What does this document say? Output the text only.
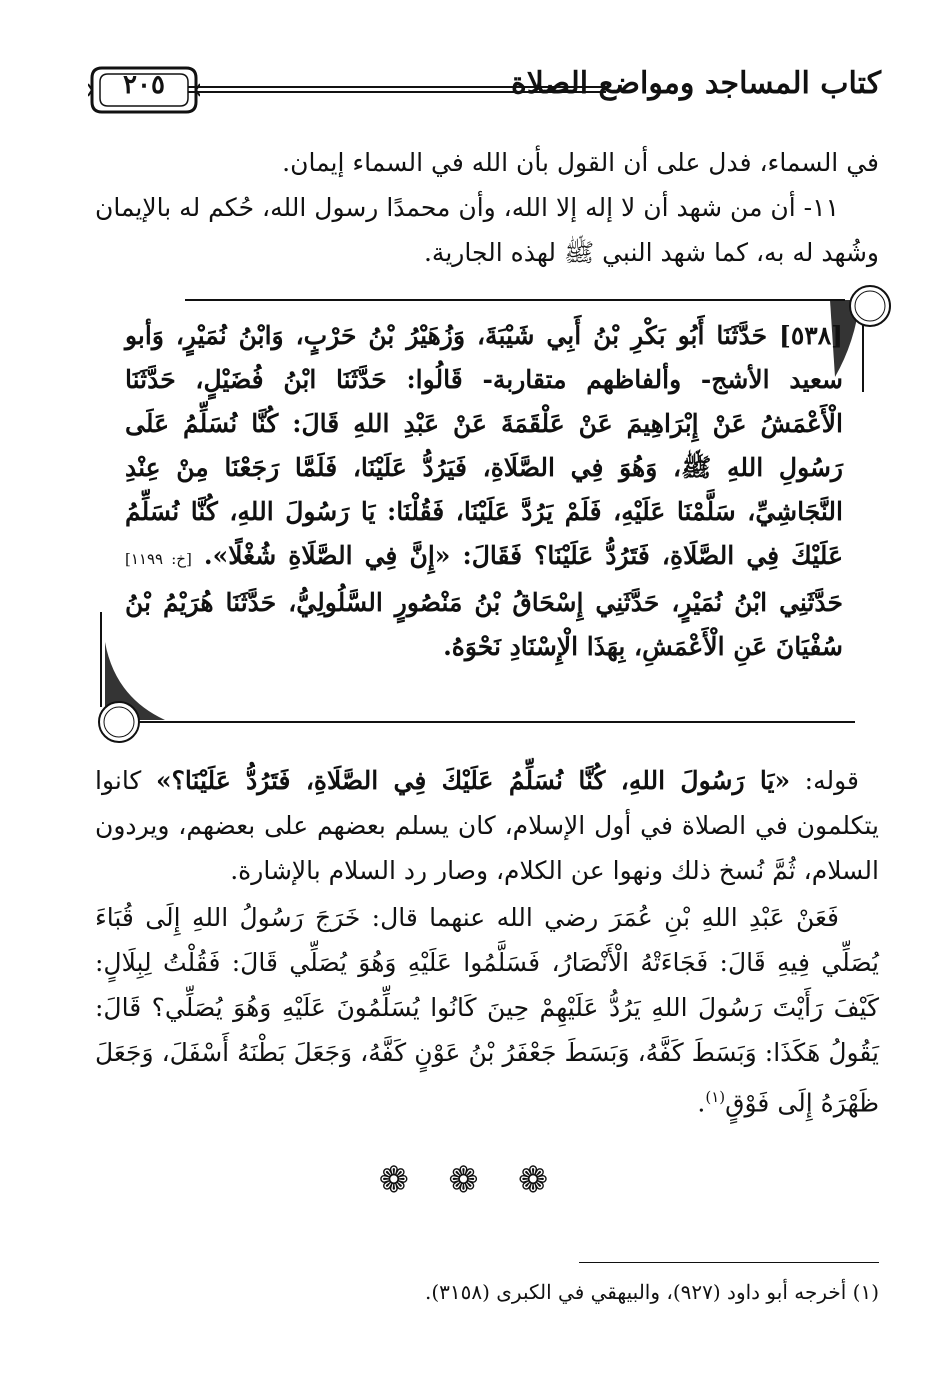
كتاب المساجد ومواضع الصلاة
٢٠٥
في السماء، فدل على أن القول بأن الله في السماء إيمان.
١١- أن من شهد أن لا إله إلا الله، وأن محمدًا رسول الله، حُكم له بالإيمان وشُهد له به، كما شهد النبي ﷺ لهذه الجارية.
[٥٣٨] حَدَّثَنَا أَبُو بَكْرِ بْنُ أَبِي شَيْبَةَ، وَزُهَيْرُ بْنُ حَرْبٍ، وَابْنُ نُمَيْرٍ، وَأبو سعيد الأشج- وألفاظهم متقاربة- قَالُوا: حَدَّثَنَا ابْنُ فُضَيْلٍ، حَدَّثَنَا الْأَعْمَشُ عَنْ إِبْرَاهِيمَ عَنْ عَلْقَمَةَ عَنْ عَبْدِ اللهِ قَالَ: كُنَّا نُسَلِّمُ عَلَى رَسُولِ اللهِ ﷺ، وَهُوَ فِي الصَّلَاةِ، فَيَرُدُّ عَلَيْنَا، فَلَمَّا رَجَعْنَا مِنْ عِنْدِ النَّجَاشِيِّ، سَلَّمْنَا عَلَيْهِ، فَلَمْ يَرُدَّ عَلَيْنَا، فَقُلْنَا: يَا رَسُولَ اللهِ، كُنَّا نُسَلِّمُ عَلَيْكَ فِي الصَّلَاةِ، فَتَرُدُّ عَلَيْنَا؟ فَقَالَ: «إِنَّ فِي الصَّلَاةِ شُغْلًا». [خ: ١١٩٩] حَدَّثَنِي ابْنُ نُمَيْرٍ، حَدَّثَنِي إِسْحَاقُ بْنُ مَنْصُورٍ السَّلُولِيُّ، حَدَّثَنَا هُرَيْمُ بْنُ سُفْيَانَ عَنِ الْأَعْمَشِ، بِهَذَا الْإِسْنَادِ نَحْوَهُ.
قوله: «يَا رَسُولَ اللهِ، كُنَّا نُسَلِّمُ عَلَيْكَ فِي الصَّلَاةِ، فَتَرُدُّ عَلَيْنَا؟» كانوا يتكلمون في الصلاة في أول الإسلام، كان يسلم بعضهم على بعضهم، ويردون السلام، ثُمَّ نُسخ ذلك ونهوا عن الكلام، وصار رد السلام بالإشارة.
فَعَنْ عَبْدِ اللهِ بْنِ عُمَرَ رضي الله عنهما قال: خَرَجَ رَسُولُ اللهِ إِلَى قُبَاءَ يُصَلِّي فِيهِ قَالَ: فَجَاءَتْهُ الْأَنْصَارُ، فَسَلَّمُوا عَلَيْهِ وَهُوَ يُصَلِّي قَالَ: فَقُلْتُ لِبِلَالٍ: كَيْفَ رَأَيْتَ رَسُولَ اللهِ يَرُدُّ عَلَيْهِمْ حِينَ كَانُوا يُسَلِّمُونَ عَلَيْهِ وَهُوَ يُصَلِّي؟ قَالَ: يَقُولُ هَكَذَا: وَبَسَطَ كَفَّهُ، وَبَسَطَ جَعْفَرُ بْنُ عَوْنٍ كَفَّهُ، وَجَعَلَ بَطْنَهُ أَسْفَلَ، وَجَعَلَ ظَهْرَهُ إِلَى فَوْقٍ$^{(١)}$.
❁ ❁ ❁
(١) أخرجه أبو داود (٩٢٧)، والبيهقي في الكبرى (٣١٥٨).
